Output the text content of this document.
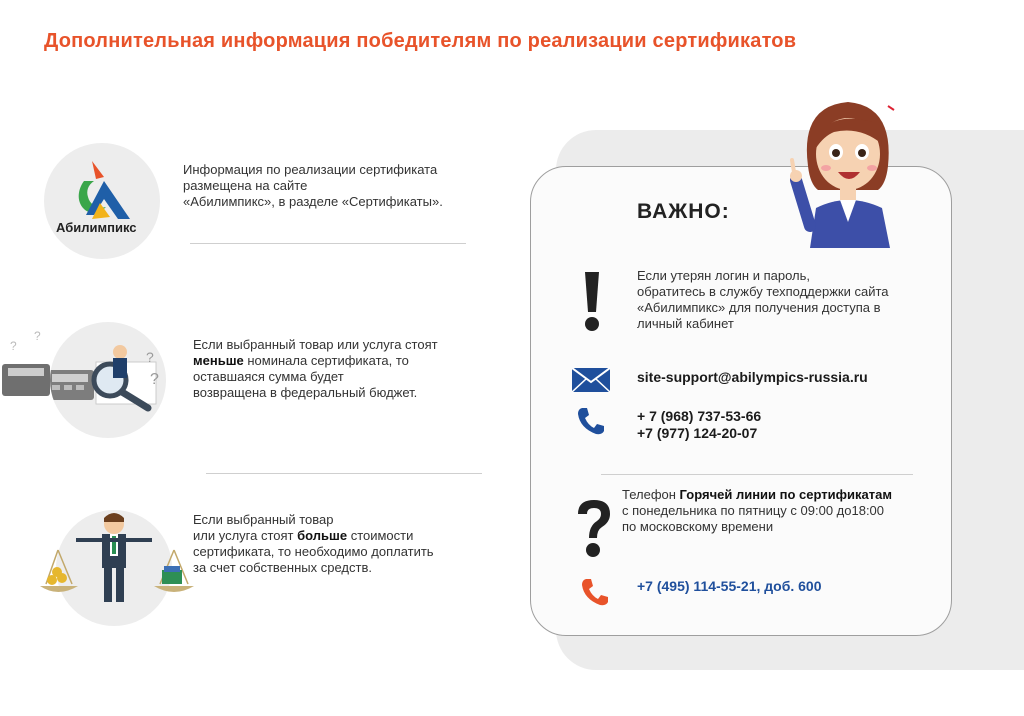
Дополнительная информация победителям по реализации сертификатов
Абилимпикс
Информация по реализации сертификата
размещена на сайте
«Абилимпикс», в разделе «Сертификаты».
?
?
?
?
Если выбранный товар или услуга стоят
меньше номинала сертификата, то
оставшаяся сумма будет
возвращена в федеральный бюджет.
Если выбранный товар
или услуга стоят больше стоимости
сертификата, то необходимо доплатить
за счет собственных средств.
ВАЖНО:
Если утерян логин и пароль,
обратитесь в службу техподдержки сайта
«Абилимпикс» для получения доступа в
личный кабинет
site-support@abilympics-russia.ru
+ 7 (968) 737-53-66
+7 (977) 124-20-07
Телефон Горячей линии по сертификатам
с понедельника по пятницу с 09:00 до18:00
по московскому времени
+7 (495) 114-55-21, доб. 600
